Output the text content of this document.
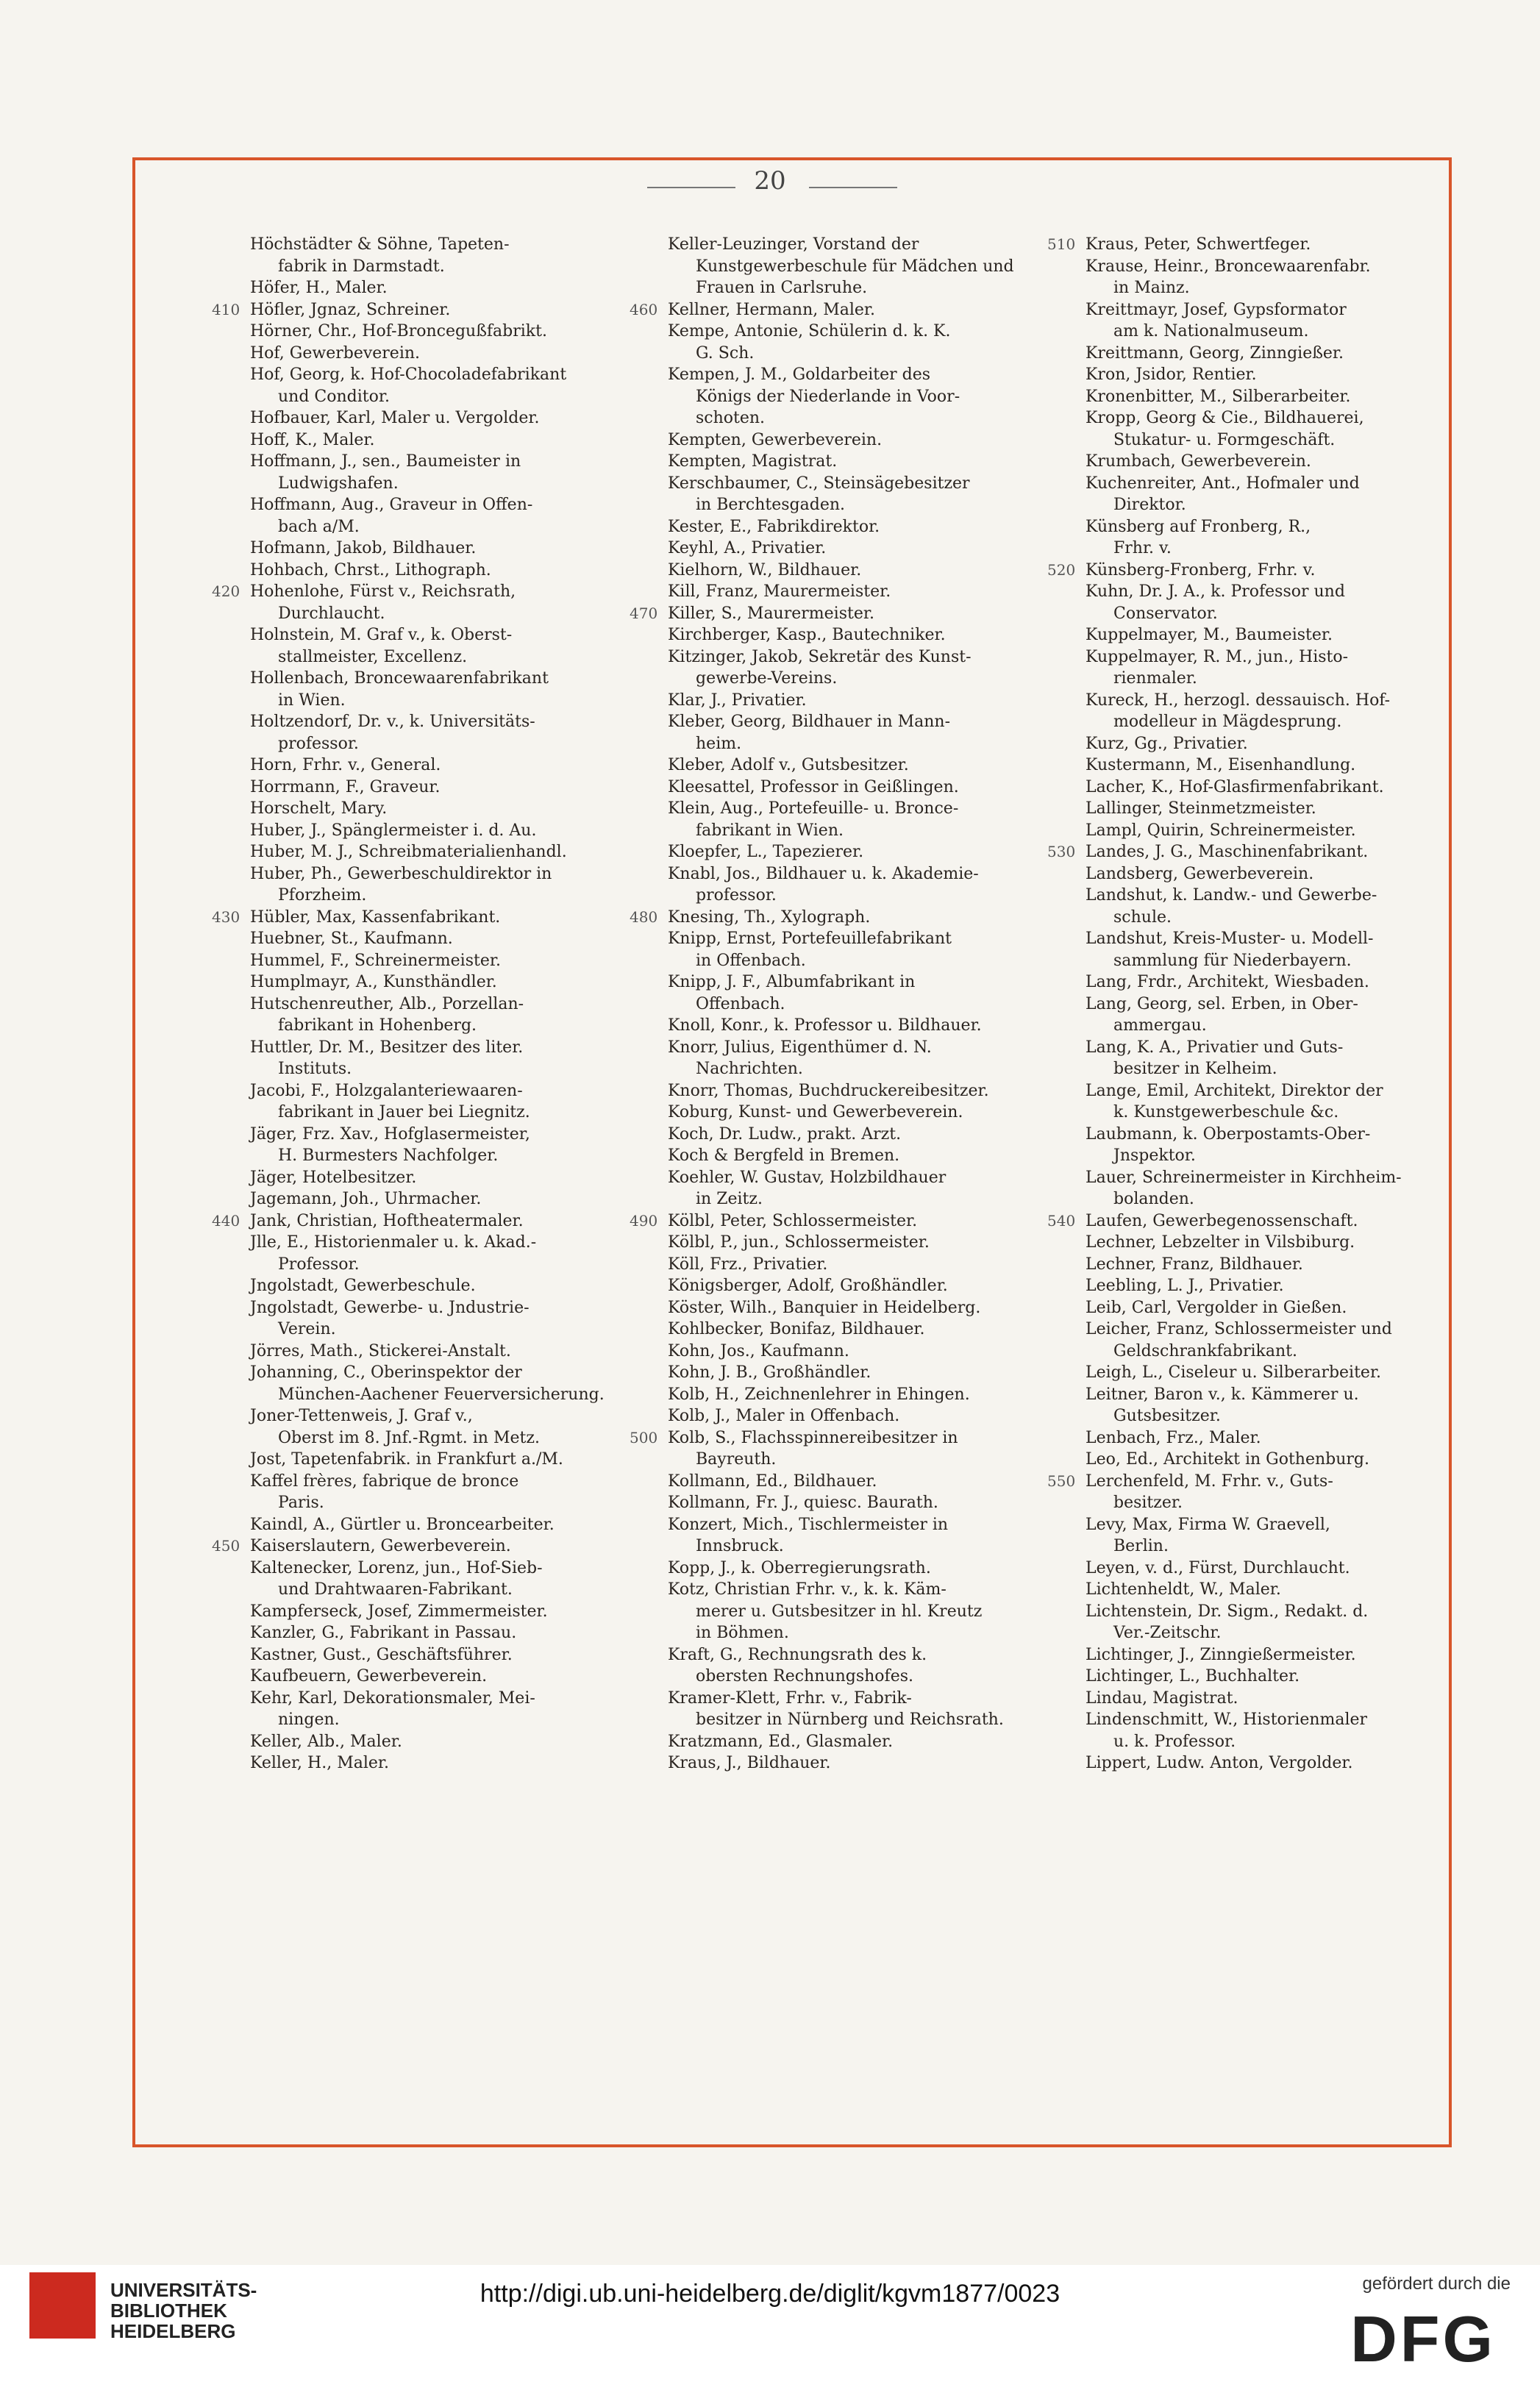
20
Höchstädter & Söhne, Tapeten-
fabrik in Darmstadt.
Höfer, H., Maler.
410 Höfler, Jgnaz, Schreiner.
Hörner, Chr., Hof-Broncegußfabrikt.
Hof, Gewerbeverein.
Hof, Georg, k. Hof-Chocoladefabrikant
und Conditor.
Hofbauer, Karl, Maler u. Vergolder.
Hoff, K., Maler.
Hoffmann, J., sen., Baumeister in
Ludwigshafen.
Hoffmann, Aug., Graveur in Offen-
bach a/M.
Hofmann, Jakob, Bildhauer.
Hohbach, Chrst., Lithograph.
420 Hohenlohe, Fürst v., Reichsrath,
Durchlaucht.
Holnstein, M. Graf v., k. Oberst-
stallmeister, Excellenz.
Hollenbach, Broncewaarenfabrikant
in Wien.
Holtzendorf, Dr. v., k. Universitäts-
professor.
Horn, Frhr. v., General.
Horrmann, F., Graveur.
Horschelt, Mary.
Huber, J., Spänglermeister i. d. Au.
Huber, M. J., Schreibmaterialienhandl.
Huber, Ph., Gewerbeschuldirektor in
Pforzheim.
430 Hübler, Max, Kassenfabrikant.
Huebner, St., Kaufmann.
Hummel, F., Schreinermeister.
Humplmayr, A., Kunsthändler.
Hutschenreuther, Alb., Porzellan-
fabrikant in Hohenberg.
Huttler, Dr. M., Besitzer des liter.
Instituts.
Jacobi, F., Holzgalanteriewaaren-
fabrikant in Jauer bei Liegnitz.
Jäger, Frz. Xav., Hofglasermeister,
H. Burmesters Nachfolger.
Jäger, Hotelbesitzer.
Jagemann, Joh., Uhrmacher.
440 Jank, Christian, Hoftheatermaler.
Jlle, E., Historienmaler u. k. Akad.-
Professor.
Jngolstadt, Gewerbeschule.
Jngolstadt, Gewerbe- u. Jndustrie-
Verein.
Jörres, Math., Stickerei-Anstalt.
Johanning, C., Oberinspektor der
München-Aachener Feuerversicherung.
Joner-Tettenweis, J. Graf v.,
Oberst im 8. Jnf.-Rgmt. in Metz.
Jost, Tapetenfabrik. in Frankfurt a./M.
Kaffel frères, fabrique de bronce
Paris.
Kaindl, A., Gürtler u. Broncearbeiter.
450 Kaiserslautern, Gewerbeverein.
Kaltenecker, Lorenz, jun., Hof-Sieb-
und Drahtwaaren-Fabrikant.
Kampferseck, Josef, Zimmermeister.
Kanzler, G., Fabrikant in Passau.
Kastner, Gust., Geschäftsführer.
Kaufbeuern, Gewerbeverein.
Kehr, Karl, Dekorationsmaler, Mei-
ningen.
Keller, Alb., Maler.
Keller, H., Maler.
Keller-Leuzinger, Vorstand der
Kunstgewerbeschule für Mädchen und
Frauen in Carlsruhe.
460 Kellner, Hermann, Maler.
Kempe, Antonie, Schülerin d. k. K.
G. Sch.
Kempen, J. M., Goldarbeiter des
Königs der Niederlande in Voor-
schoten.
Kempten, Gewerbeverein.
Kempten, Magistrat.
Kerschbaumer, C., Steinsägebesitzer
in Berchtesgaden.
Kester, E., Fabrikdirektor.
Keyhl, A., Privatier.
Kielhorn, W., Bildhauer.
Kill, Franz, Maurermeister.
470 Killer, S., Maurermeister.
Kirchberger, Kasp., Bautechniker.
Kitzinger, Jakob, Sekretär des Kunst-
gewerbe-Vereins.
Klar, J., Privatier.
Kleber, Georg, Bildhauer in Mann-
heim.
Kleber, Adolf v., Gutsbesitzer.
Kleesattel, Professor in Geißlingen.
Klein, Aug., Portefeuille- u. Bronce-
fabrikant in Wien.
Kloepfer, L., Tapezierer.
Knabl, Jos., Bildhauer u. k. Akademie-
professor.
480 Knesing, Th., Xylograph.
Knipp, Ernst, Portefeuillefabrikant
in Offenbach.
Knipp, J. F., Albumfabrikant in
Offenbach.
Knoll, Konr., k. Professor u. Bildhauer.
Knorr, Julius, Eigenthümer d. N.
Nachrichten.
Knorr, Thomas, Buchdruckereibesitzer.
Koburg, Kunst- und Gewerbeverein.
Koch, Dr. Ludw., prakt. Arzt.
Koch & Bergfeld in Bremen.
Koehler, W. Gustav, Holzbildhauer
in Zeitz.
490 Kölbl, Peter, Schlossermeister.
Kölbl, P., jun., Schlossermeister.
Köll, Frz., Privatier.
Königsberger, Adolf, Großhändler.
Köster, Wilh., Banquier in Heidelberg.
Kohlbecker, Bonifaz, Bildhauer.
Kohn, Jos., Kaufmann.
Kohn, J. B., Großhändler.
Kolb, H., Zeichnenlehrer in Ehingen.
Kolb, J., Maler in Offenbach.
500 Kolb, S., Flachsspinnereibesitzer in
Bayreuth.
Kollmann, Ed., Bildhauer.
Kollmann, Fr. J., quiesc. Baurath.
Konzert, Mich., Tischlermeister in
Innsbruck.
Kopp, J., k. Oberregierungsrath.
Kotz, Christian Frhr. v., k. k. Käm-
merer u. Gutsbesitzer in hl. Kreutz
in Böhmen.
Kraft, G., Rechnungsrath des k.
obersten Rechnungshofes.
Kramer-Klett, Frhr. v., Fabrik-
besitzer in Nürnberg und Reichsrath.
Kratzmann, Ed., Glasmaler.
Kraus, J., Bildhauer.
510 Kraus, Peter, Schwertfeger.
Krause, Heinr., Broncewaarenfabr.
in Mainz.
Kreittmayr, Josef, Gypsformator
am k. Nationalmuseum.
Kreittmann, Georg, Zinngießer.
Kron, Jsidor, Rentier.
Kronenbitter, M., Silberarbeiter.
Kropp, Georg & Cie., Bildhauerei,
Stukatur- u. Formgeschäft.
Krumbach, Gewerbeverein.
Kuchenreiter, Ant., Hofmaler und
Direktor.
Künsberg auf Fronberg, R.,
Frhr. v.
520 Künsberg-Fronberg, Frhr. v.
Kuhn, Dr. J. A., k. Professor und
Conservator.
Kuppelmayer, M., Baumeister.
Kuppelmayer, R. M., jun., Histo-
rienmaler.
Kureck, H., herzogl. dessauisch. Hof-
modelleur in Mägdesprung.
Kurz, Gg., Privatier.
Kustermann, M., Eisenhandlung.
Lacher, K., Hof-Glasfirmenfabrikant.
Lallinger, Steinmetzmeister.
Lampl, Quirin, Schreinermeister.
530 Landes, J. G., Maschinenfabrikant.
Landsberg, Gewerbeverein.
Landshut, k. Landw.- und Gewerbe-
schule.
Landshut, Kreis-Muster- u. Modell-
sammlung für Niederbayern.
Lang, Frdr., Architekt, Wiesbaden.
Lang, Georg, sel. Erben, in Ober-
ammergau.
Lang, K. A., Privatier und Guts-
besitzer in Kelheim.
Lange, Emil, Architekt, Direktor der
k. Kunstgewerbeschule &c.
Laubmann, k. Oberpostamts-Ober-
Jnspektor.
Lauer, Schreinermeister in Kirchheim-
bolanden.
540 Laufen, Gewerbegenossenschaft.
Lechner, Lebzelter in Vilsbiburg.
Lechner, Franz, Bildhauer.
Leebling, L. J., Privatier.
Leib, Carl, Vergolder in Gießen.
Leicher, Franz, Schlossermeister und
Geldschrankfabrikant.
Leigh, L., Ciseleur u. Silberarbeiter.
Leitner, Baron v., k. Kämmerer u.
Gutsbesitzer.
Lenbach, Frz., Maler.
Leo, Ed., Architekt in Gothenburg.
550 Lerchenfeld, M. Frhr. v., Guts-
besitzer.
Levy, Max, Firma W. Graevell,
Berlin.
Leyen, v. d., Fürst, Durchlaucht.
Lichtenheldt, W., Maler.
Lichtenstein, Dr. Sigm., Redakt. d.
Ver.-Zeitschr.
Lichtinger, J., Zinngießermeister.
Lichtinger, L., Buchhalter.
Lindau, Magistrat.
Lindenschmitt, W., Historienmaler
u. k. Professor.
Lippert, Ludw. Anton, Vergolder.
UNIVERSITÄTS-
BIBLIOTHEK
HEIDELBERG
http://digi.ub.uni-heidelberg.de/diglit/kgvm1877/0023	gefördert durch die
DFG
